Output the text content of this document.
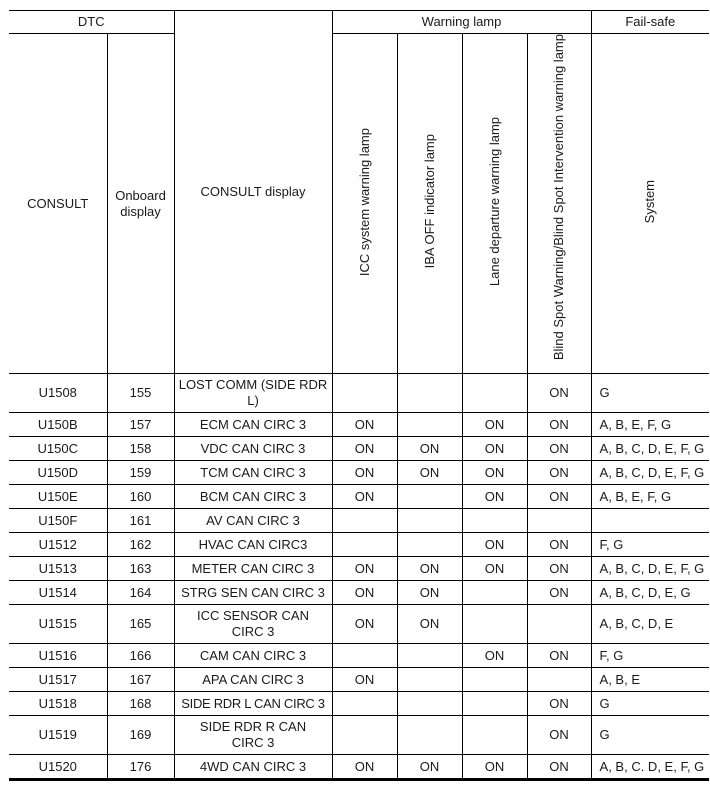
DTC		CONSULT display	Warning lamp				Fail-safe
CONSULT	Onboard display		ICC system warning lamp	IBA OFF indicator lamp	Lane departure warning lamp	Blind Spot Warning/Blind Spot Intervention warning lamp	System
U1508	155	LOST COMM (SIDE RDR L)				ON	G
U150B	157	ECM CAN CIRC 3	ON		ON	ON	A, B, E, F, G
U150C	158	VDC CAN CIRC 3	ON	ON	ON	ON	A, B, C, D, E, F, G
U150D	159	TCM CAN CIRC 3	ON	ON	ON	ON	A, B, C, D, E, F, G
U150E	160	BCM CAN CIRC 3	ON		ON	ON	A, B, E, F, G
U150F	161	AV CAN CIRC 3					
U1512	162	HVAC CAN CIRC3			ON	ON	F, G
U1513	163	METER CAN CIRC 3	ON	ON	ON	ON	A, B, C, D, E, F, G
U1514	164	STRG SEN CAN CIRC 3	ON	ON		ON	A, B, C, D, E, G
U1515	165	ICC SENSOR CAN CIRC 3	ON	ON			A, B, C, D, E
U1516	166	CAM CAN CIRC 3			ON	ON	F, G
U1517	167	APA CAN CIRC 3	ON				A, B, E
U1518	168	SIDE RDR L CAN CIRC 3				ON	G
U1519	169	SIDE RDR R CAN CIRC 3				ON	G
U1520	176	4WD CAN CIRC 3	ON	ON	ON	ON	A, B, C. D, E, F, G
